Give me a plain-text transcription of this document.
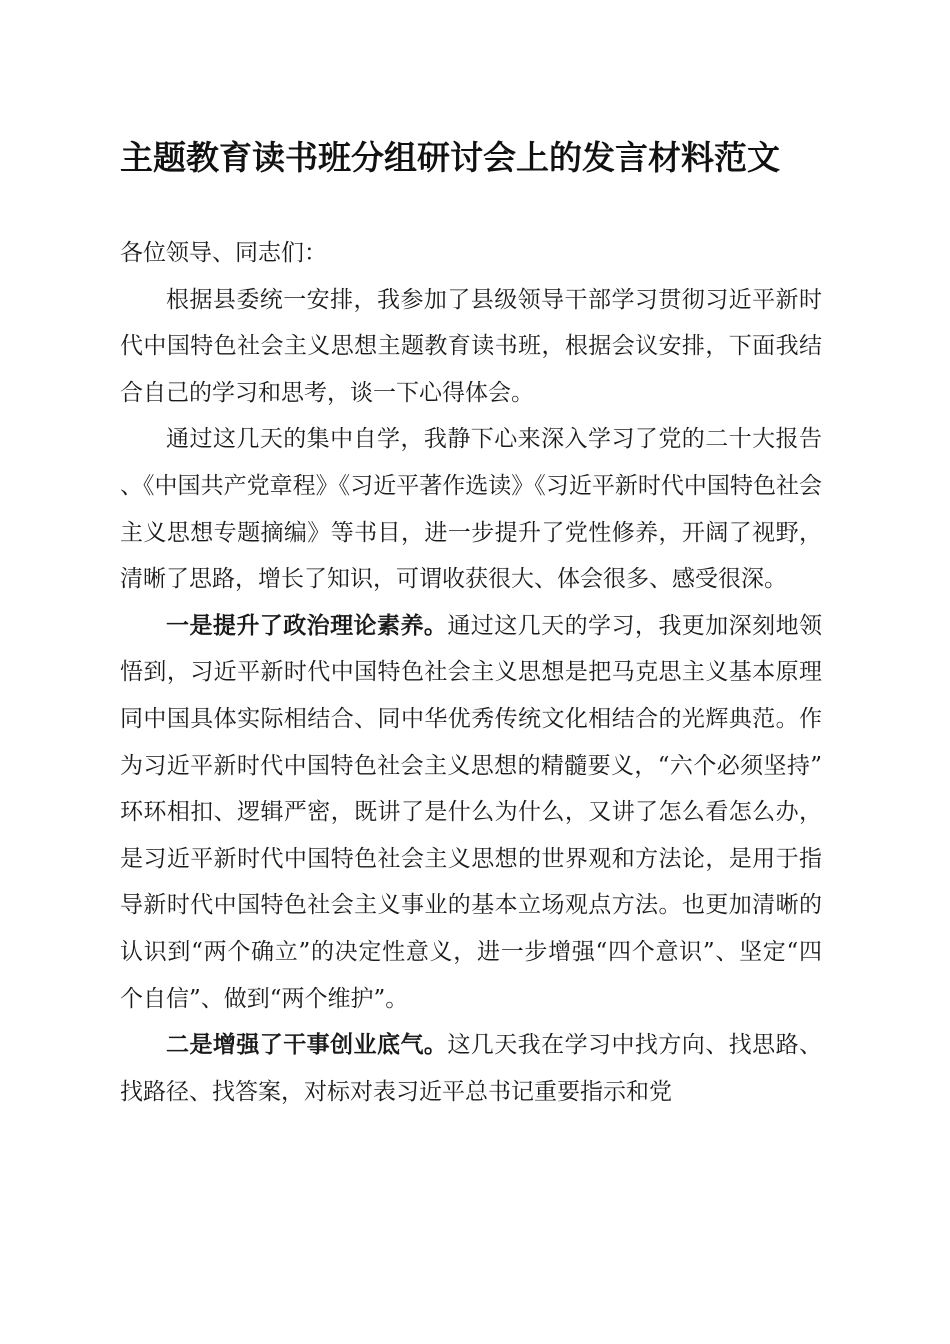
主题教育读书班分组研讨会上的发言材料范文

各位领导、同志们：

根据县委统一安排，我参加了县级领导干部学习贯彻习近平新时代中国特色社会主义思想主题教育读书班，根据会议安排，下面我结合自己的学习和思考，谈一下心得体会。

通过这几天的集中自学，我静下心来深入学习了党的二十大报告、《中国共产党章程》《习近平著作选读》《习近平新时代中国特色社会主义思想专题摘编》等书目，进一步提升了党性修养，开阔了视野，清晰了思路，增长了知识，可谓收获很大、体会很多、感受很深。

一是提升了政治理论素养。通过这几天的学习，我更加深刻地领悟到，习近平新时代中国特色社会主义思想是把马克思主义基本原理同中国具体实际相结合、同中华优秀传统文化相结合的光辉典范。作为习近平新时代中国特色社会主义思想的精髓要义，“六个必须坚持”环环相扣、逻辑严密，既讲了是什么为什么，又讲了怎么看怎么办，是习近平新时代中国特色社会主义思想的世界观和方法论，是用于指导新时代中国特色社会主义事业的基本立场观点方法。也更加清晰的认识到“两个确立”的决定性意义，进一步增强“四个意识”、坚定“四个自信”、做到“两个维护”。

二是增强了干事创业底气。这几天我在学习中找方向、找思路、找路径、找答案，对标对表习近平总书记重要指示和党
